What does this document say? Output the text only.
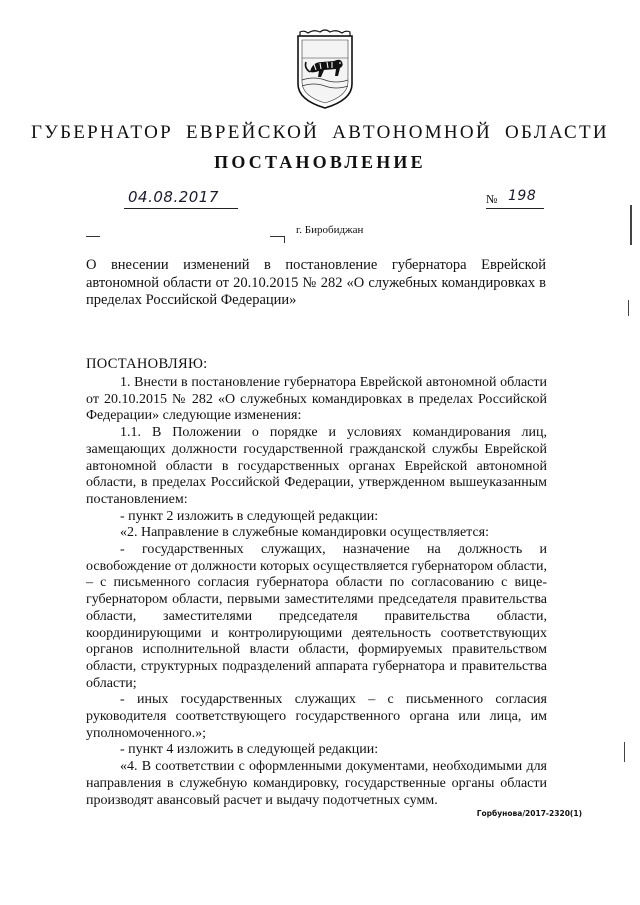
ГУБЕРНАТОР ЕВРЕЙСКОЙ АВТОНОМНОЙ ОБЛАСТИ
ПОСТАНОВЛЕНИЕ
04.08.2017	№ 198
г. Биробиджан
О внесении изменений в постановление губернатора Еврейской автономной области от 20.10.2015 № 282 «О служебных командировках в пределах Российской Федерации»
ПОСТАНОВЛЯЮ:

1. Внести в постановление губернатора Еврейской автономной области от 20.10.2015 № 282 «О служебных командировках в пределах Российской Федерации» следующие изменения:

1.1. В Положении о порядке и условиях командирования лиц, замещающих должности государственной гражданской службы Еврейской автономной области в государственных органах Еврейской автономной области, в пределах Российской Федерации, утвержденном вышеуказанным постановлением:

- пункт 2 изложить в следующей редакции:

«2. Направление в служебные командировки осуществляется:

- государственных служащих, назначение на должность и освобождение от должности которых осуществляется губернатором области, – с письменного согласия губернатора области по согласованию с вице-губернатором области, первыми заместителями председателя правительства области, заместителями председателя правительства области, координирующими и контролирующими деятельность соответствующих органов исполнительной власти области, формируемых правительством области, структурных подразделений аппарата губернатора и правительства области;

- иных государственных служащих – с письменного согласия руководителя соответствующего государственного органа или лица, им уполномоченного.»;

- пункт 4 изложить в следующей редакции:

«4. В соответствии с оформленными документами, необходимыми для направления в служебную командировку, государственные органы области производят авансовый расчет и выдачу подотчетных сумм.

Горбунова/2017-2320(1)
